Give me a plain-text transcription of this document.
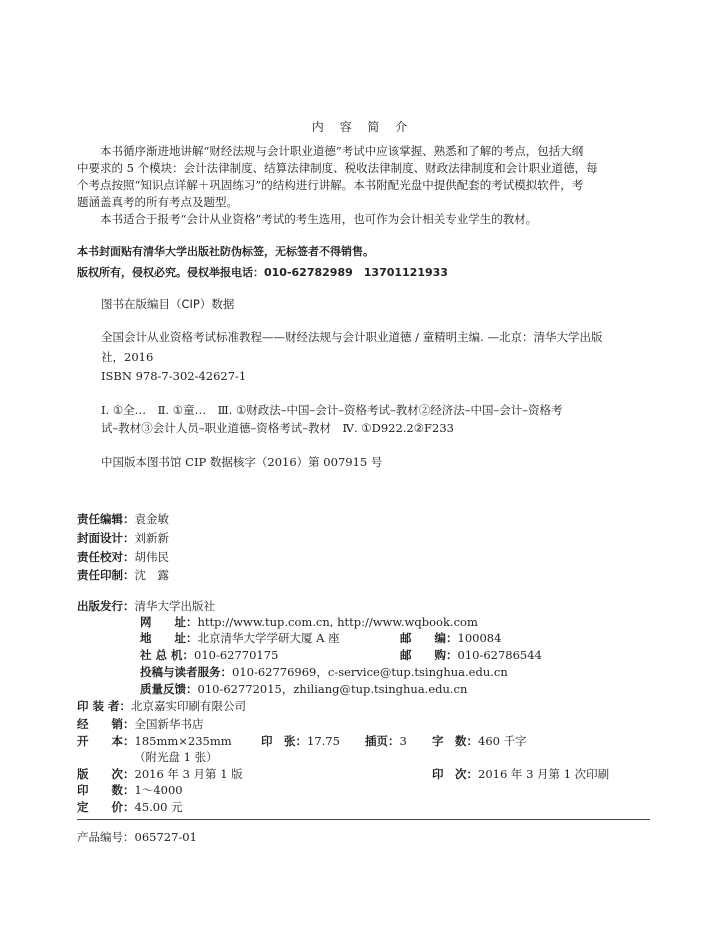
内 容 简 介
本书循序渐进地讲解“财经法规与会计职业道德”考试中应该掌握、熟悉和了解的考点，包括大纲
中要求的 5 个模块：会计法律制度、结算法律制度、税收法律制度、财政法律制度和会计职业道德，每
个考点按照“知识点详解＋巩固练习”的结构进行讲解。本书附配光盘中提供配套的考试模拟软件，考
题涵盖真考的所有考点及题型。
本书适合于报考“会计从业资格”考试的考生选用，也可作为会计相关专业学生的教材。
本书封面贴有清华大学出版社防伪标签，无标签者不得销售。
版权所有，侵权必究。侵权举报电话：010-62782989　13701121933
图书在版编目（CIP）数据
全国会计从业资格考试标准教程——财经法规与会计职业道德 / 童精明主编. —北京：清华大学出版
社，2016
ISBN 978-7-302-42627-1
Ⅰ. ①全…　Ⅱ. ①童…　Ⅲ. ①财政法–中国–会计–资格考试–教材②经济法–中国–会计–资格考
试–教材③会计人员–职业道德–资格考试–教材　Ⅳ. ①D922.2②F233
中国版本图书馆 CIP 数据核字（2016）第 007915 号
责任编辑：袁金敏
封面设计：刘新新
责任校对：胡伟民
责任印制：沈　露
出版发行：清华大学出版社
网　　址：http://www.tup.com.cn, http://www.wqbook.com
地　　址：北京清华大学学研大厦 A 座	邮　　编：100084
社 总 机：010-62770175	邮　　购：010-62786544
投稿与读者服务：010-62776969，c-service@tup.tsinghua.edu.cn
质量反馈：010-62772015，zhiliang@tup.tsinghua.edu.cn
印 装 者：北京嘉实印刷有限公司
经　　销：全国新华书店
开　　本：185mm×235mm	印　张：17.75 插页：3 字　数：460 千字
（附光盘 1 张）
版　　次：2016 年 3 月第 1 版	印　次：2016 年 3 月第 1 次印刷
印　　数：1～4000
定　　价：45.00 元
产品编号：065727-01
